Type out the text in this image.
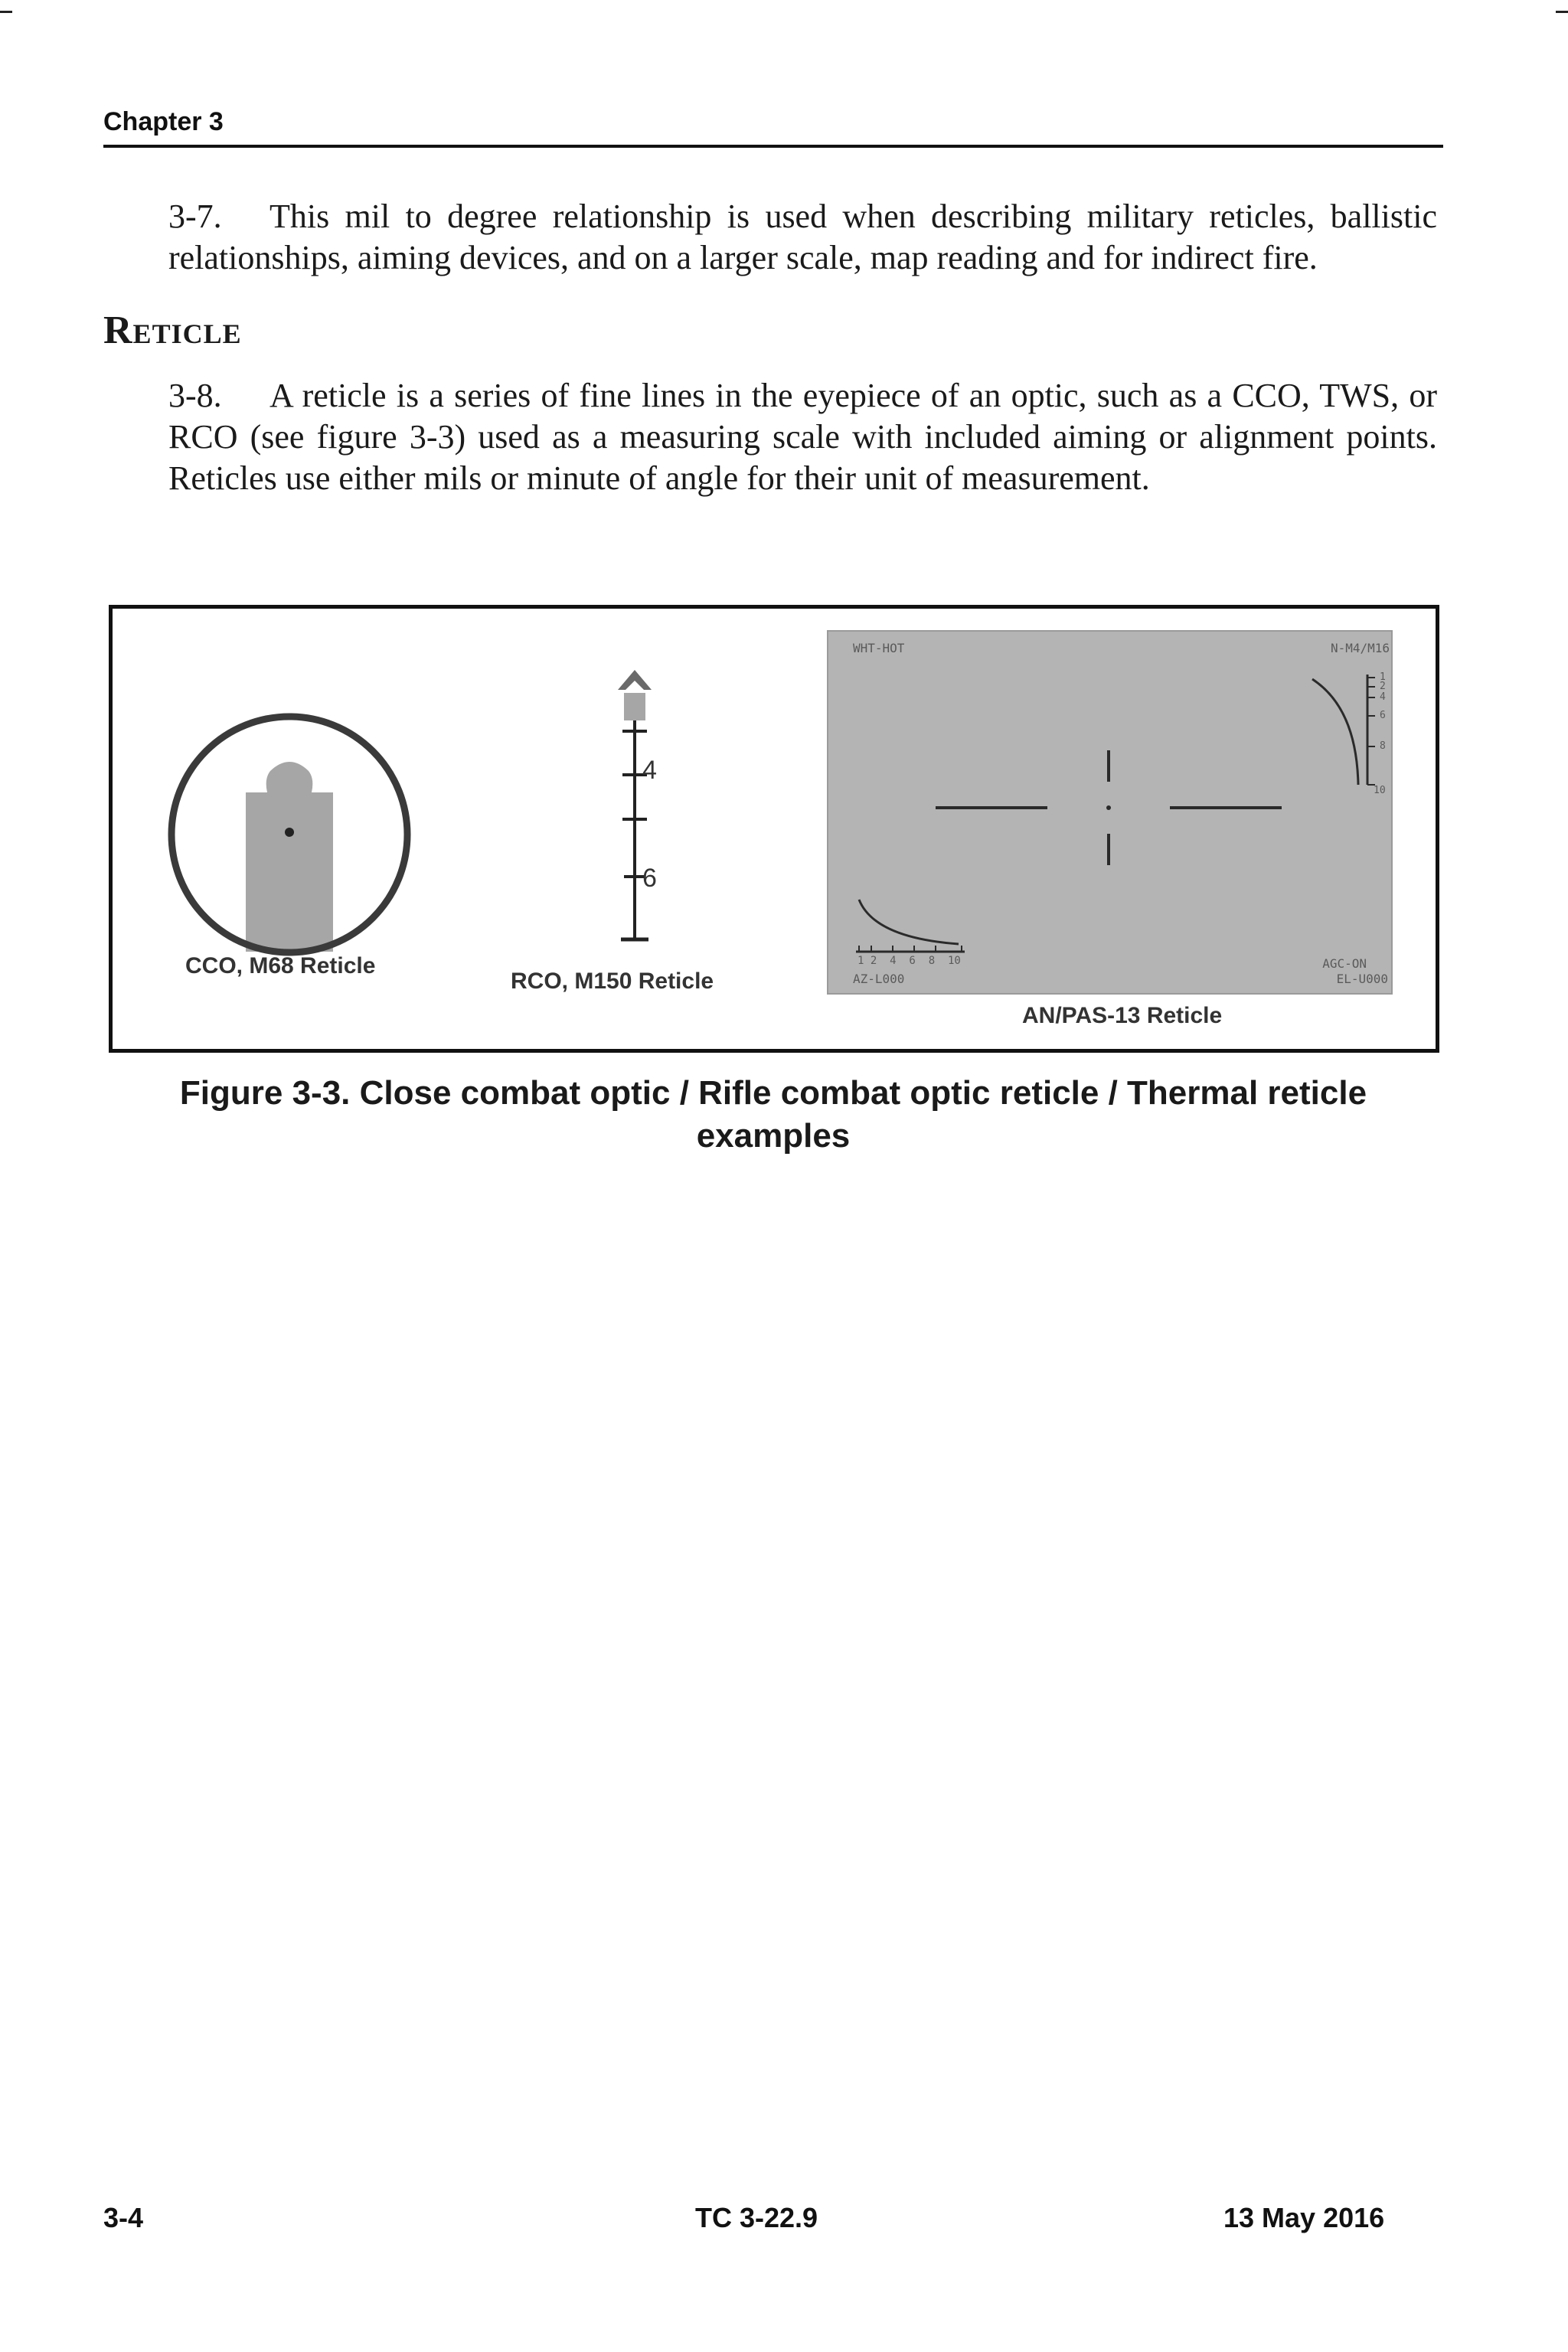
Chapter 3
3-7. This mil to degree relationship is used when describing military reticles, ballistic relationships, aiming devices, and on a larger scale, map reading and for indirect fire.
Reticle
3-8. A reticle is a series of fine lines in the eyepiece of an optic, such as a CCO, TWS, or RCO (see figure 3-3) used as a measuring scale with included aiming or alignment points. Reticles use either mils or minute of angle for their unit of measurement.
CCO, M68 Reticle
4
6
RCO, M150 Reticle
WHT-HOT	N-M4/M16
1
2
4
6
8
10
1 2  4  6  8  10
AZ-L000
AGC-ON
EL-U000
AN/PAS-13 Reticle
Figure 3-3. Close combat optic / Rifle combat optic reticle / Thermal reticle examples
3-4	TC 3-22.9	13 May 2016
